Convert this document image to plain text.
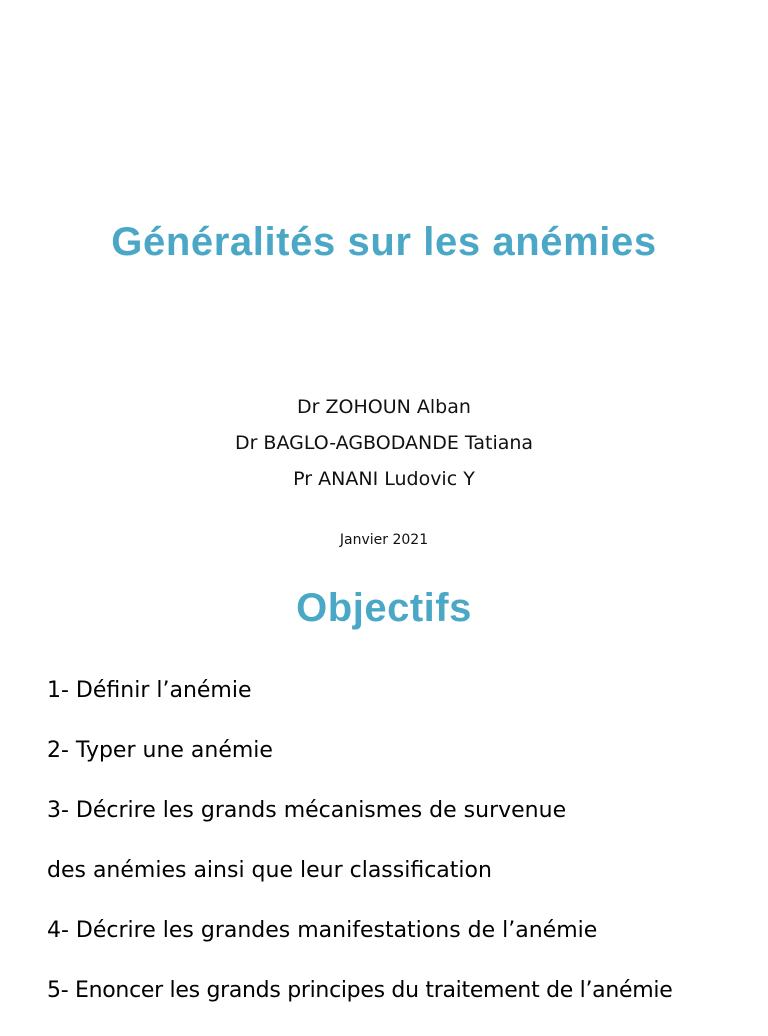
Généralités sur les anémies
Dr ZOHOUN Alban
Dr BAGLO-AGBODANDE Tatiana
Pr ANANI Ludovic Y
Janvier 2021
Objectifs
1- Définir l’anémie
2- Typer une anémie
3- Décrire les grands mécanismes de survenue
des anémies ainsi que leur classification
4- Décrire les grandes manifestations de l’anémie
5- Enoncer les grands principes du traitement de l’anémie
